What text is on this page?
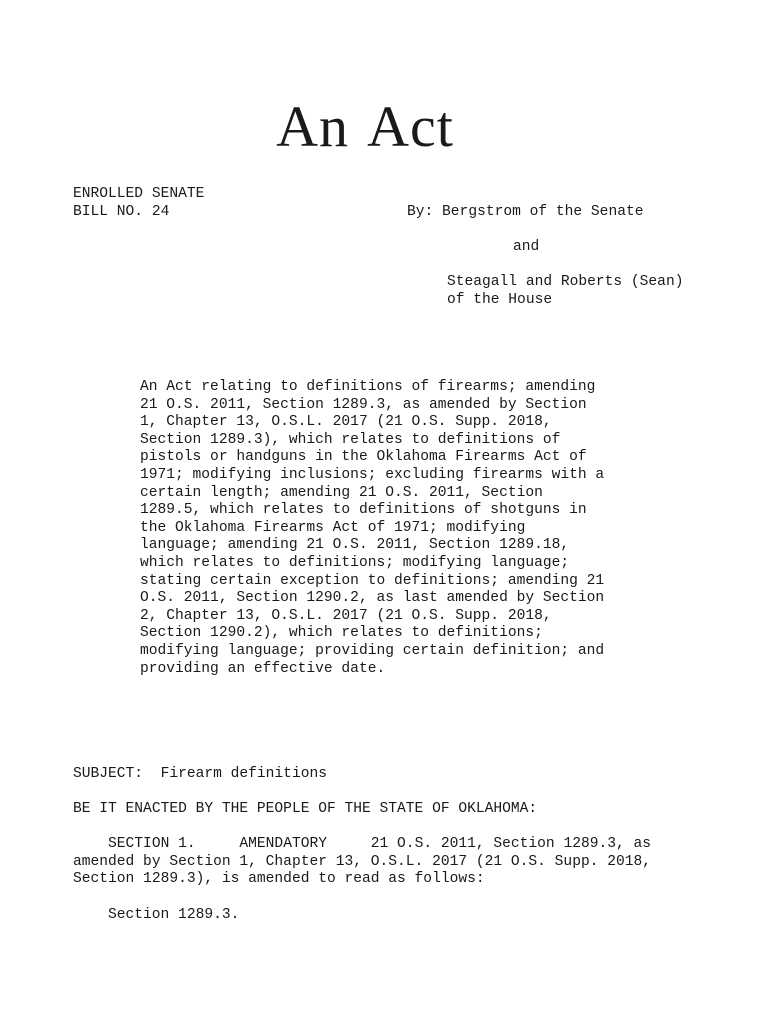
An Act
ENROLLED SENATE
BILL NO. 24	By: Bergstrom of the Senate
and
Steagall and Roberts (Sean)
of the House
An Act relating to definitions of firearms; amending
21 O.S. 2011, Section 1289.3, as amended by Section
1, Chapter 13, O.S.L. 2017 (21 O.S. Supp. 2018,
Section 1289.3), which relates to definitions of
pistols or handguns in the Oklahoma Firearms Act of
1971; modifying inclusions; excluding firearms with a
certain length; amending 21 O.S. 2011, Section
1289.5, which relates to definitions of shotguns in
the Oklahoma Firearms Act of 1971; modifying
language; amending 21 O.S. 2011, Section 1289.18,
which relates to definitions; modifying language;
stating certain exception to definitions; amending 21
O.S. 2011, Section 1290.2, as last amended by Section
2, Chapter 13, O.S.L. 2017 (21 O.S. Supp. 2018,
Section 1290.2), which relates to definitions;
modifying language; providing certain definition; and
providing an effective date.
SUBJECT: Firearm definitions
BE IT ENACTED BY THE PEOPLE OF THE STATE OF OKLAHOMA:
SECTION 1.	AMENDATORY	21 O.S. 2011, Section 1289.3, as
amended by Section 1, Chapter 13, O.S.L. 2017 (21 O.S. Supp. 2018,
Section 1289.3), is amended to read as follows:
Section 1289.3.
